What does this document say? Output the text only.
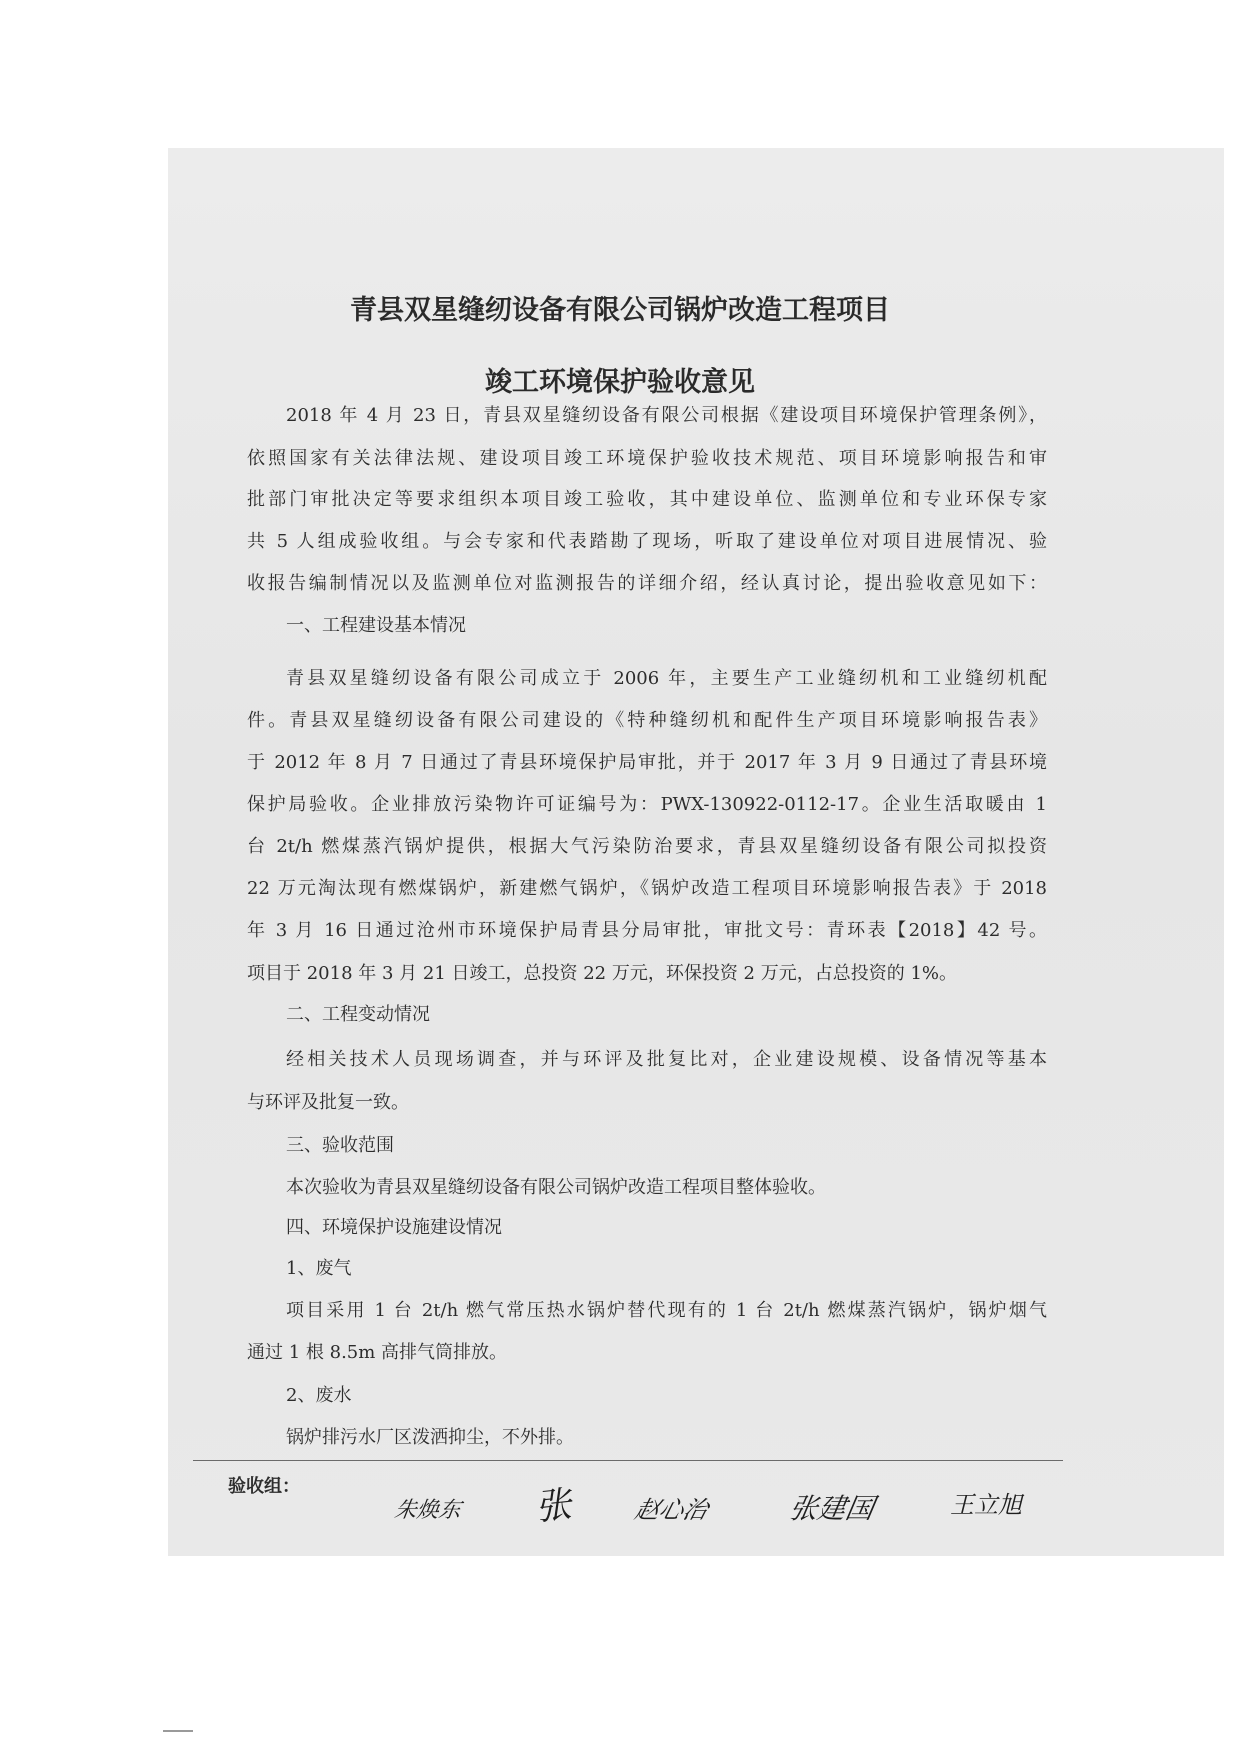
青县双星缝纫设备有限公司锅炉改造工程项目
竣工环境保护验收意见

2018 年 4 月 23 日，青县双星缝纫设备有限公司根据《建设项目环境保护管理条例》，

依照国家有关法律法规、建设项目竣工环境保护验收技术规范、项目环境影响报告和审

批部门审批决定等要求组织本项目竣工验收，其中建设单位、监测单位和专业环保专家

共 5 人组成验收组。与会专家和代表踏勘了现场，听取了建设单位对项目进展情况、验

收报告编制情况以及监测单位对监测报告的详细介绍，经认真讨论，提出验收意见如下：

一、工程建设基本情况

青县双星缝纫设备有限公司成立于 2006 年，主要生产工业缝纫机和工业缝纫机配

件。青县双星缝纫设备有限公司建设的《特种缝纫机和配件生产项目环境影响报告表》

于 2012 年 8 月 7 日通过了青县环境保护局审批，并于 2017 年 3 月 9 日通过了青县环境

保护局验收。企业排放污染物许可证编号为：PWX-130922-0112-17。企业生活取暖由 1

台 2t/h 燃煤蒸汽锅炉提供，根据大气污染防治要求，青县双星缝纫设备有限公司拟投资

22 万元淘汰现有燃煤锅炉，新建燃气锅炉，《锅炉改造工程项目环境影响报告表》于 2018

年 3 月 16 日通过沧州市环境保护局青县分局审批，审批文号：青环表【2018】42 号。

项目于 2018 年 3 月 21 日竣工，总投资 22 万元，环保投资 2 万元，占总投资的 1%。

二、工程变动情况

经相关技术人员现场调查，并与环评及批复比对，企业建设规模、设备情况等基本

与环评及批复一致。

三、验收范围

本次验收为青县双星缝纫设备有限公司锅炉改造工程项目整体验收。

四、环境保护设施建设情况

1、废气

项目采用 1 台 2t/h 燃气常压热水锅炉替代现有的 1 台 2t/h 燃煤蒸汽锅炉，锅炉烟气

通过 1 根 8.5m 高排气筒排放。

2、废水

锅炉排污水厂区泼洒抑尘，不外排。

验收组：
朱焕东 张 赵心治	张建国	王立旭
